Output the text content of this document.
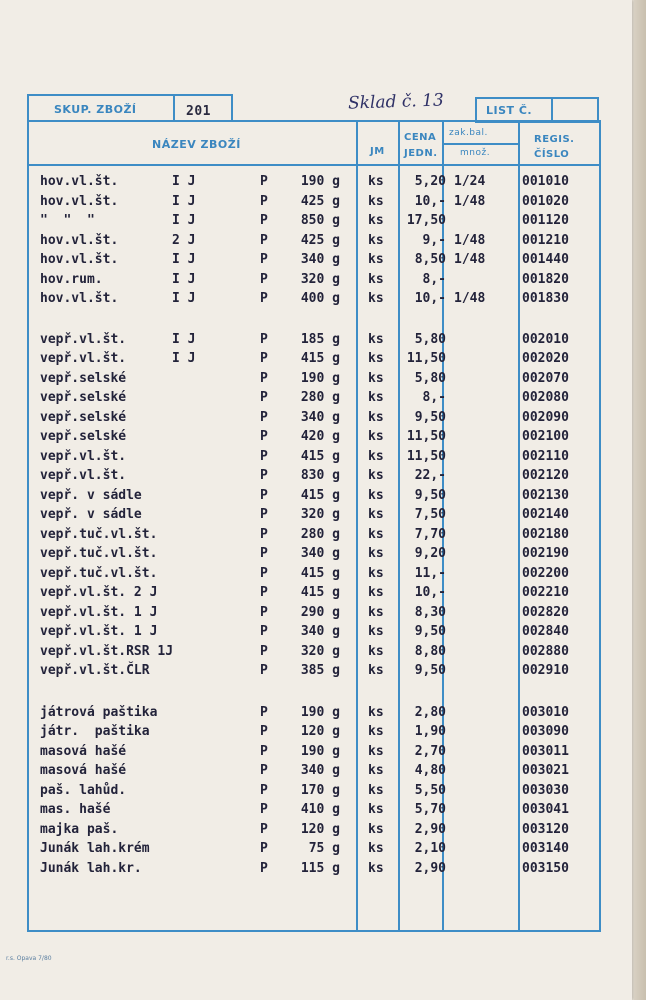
SKUP. ZBOŽÍ	201	Sklad č. 13	LIST Č.
NÁZEV ZBOŽÍ
JM
CENA
JEDN.
zak.bal.
množ.
REGIS.
ČÍSLO
hov.vl.št.	I J	P	190 g ks	5,20 1/24	001010
hov.vl.št.	I J	P	425 g ks	10,- 1/48	001020
"  "  "	I J	P	850 g ks	17,50	001120
hov.vl.št.	2 J	P	425 g ks	9,- 1/48	001210
hov.vl.št.	I J	P	340 g ks	8,50 1/48	001440
hov.rum.	I J	P	320 g ks	8,-	001820
hov.vl.št.	I J	P	400 g ks	10,- 1/48	001830
vepř.vl.št.	I J	P	185 g ks	5,80	002010
vepř.vl.št.	I J	P	415 g ks	11,50	002020
vepř.selské	P	190 g ks	5,80	002070
vepř.selské	P	280 g ks	8,-	002080
vepř.selské	P	340 g ks	9,50	002090
vepř.selské	P	420 g ks	11,50	002100
vepř.vl.št.	P	415 g ks	11,50	002110
vepř.vl.št.	P	830 g ks	22,-	002120
vepř. v sádle	P	415 g ks	9,50	002130
vepř. v sádle	P	320 g ks	7,50	002140
vepř.tuč.vl.št.	P	280 g ks	7,70	002180
vepř.tuč.vl.št.	P	340 g ks	9,20	002190
vepř.tuč.vl.št.	P	415 g ks	11,-	002200
vepř.vl.št. 2 J	P	415 g ks	10,-	002210
vepř.vl.št. 1 J	P	290 g ks	8,30	002820
vepř.vl.št. 1 J	P	340 g ks	9,50	002840
vepř.vl.št.RSR 1J	P	320 g ks	8,80	002880
vepř.vl.št.ČLR	P	385 g ks	9,50	002910
játrová paštika	P	190 g ks	2,80	003010
játr.  paštika	P	120 g ks	1,90	003090
masová hašé	P	190 g ks	2,70	003011
masová hašé	P	340 g ks	4,80	003021
paš. lahůd.	P	170 g ks	5,50	003030
mas. hašé	P	410 g ks	5,70	003041
majka paš.	P	120 g ks	2,90	003120
Junák lah.krém	P	75 g ks	2,10	003140
Junák lah.kr.	P	115 g ks	2,90	003150
r.s. Opava 7/80
